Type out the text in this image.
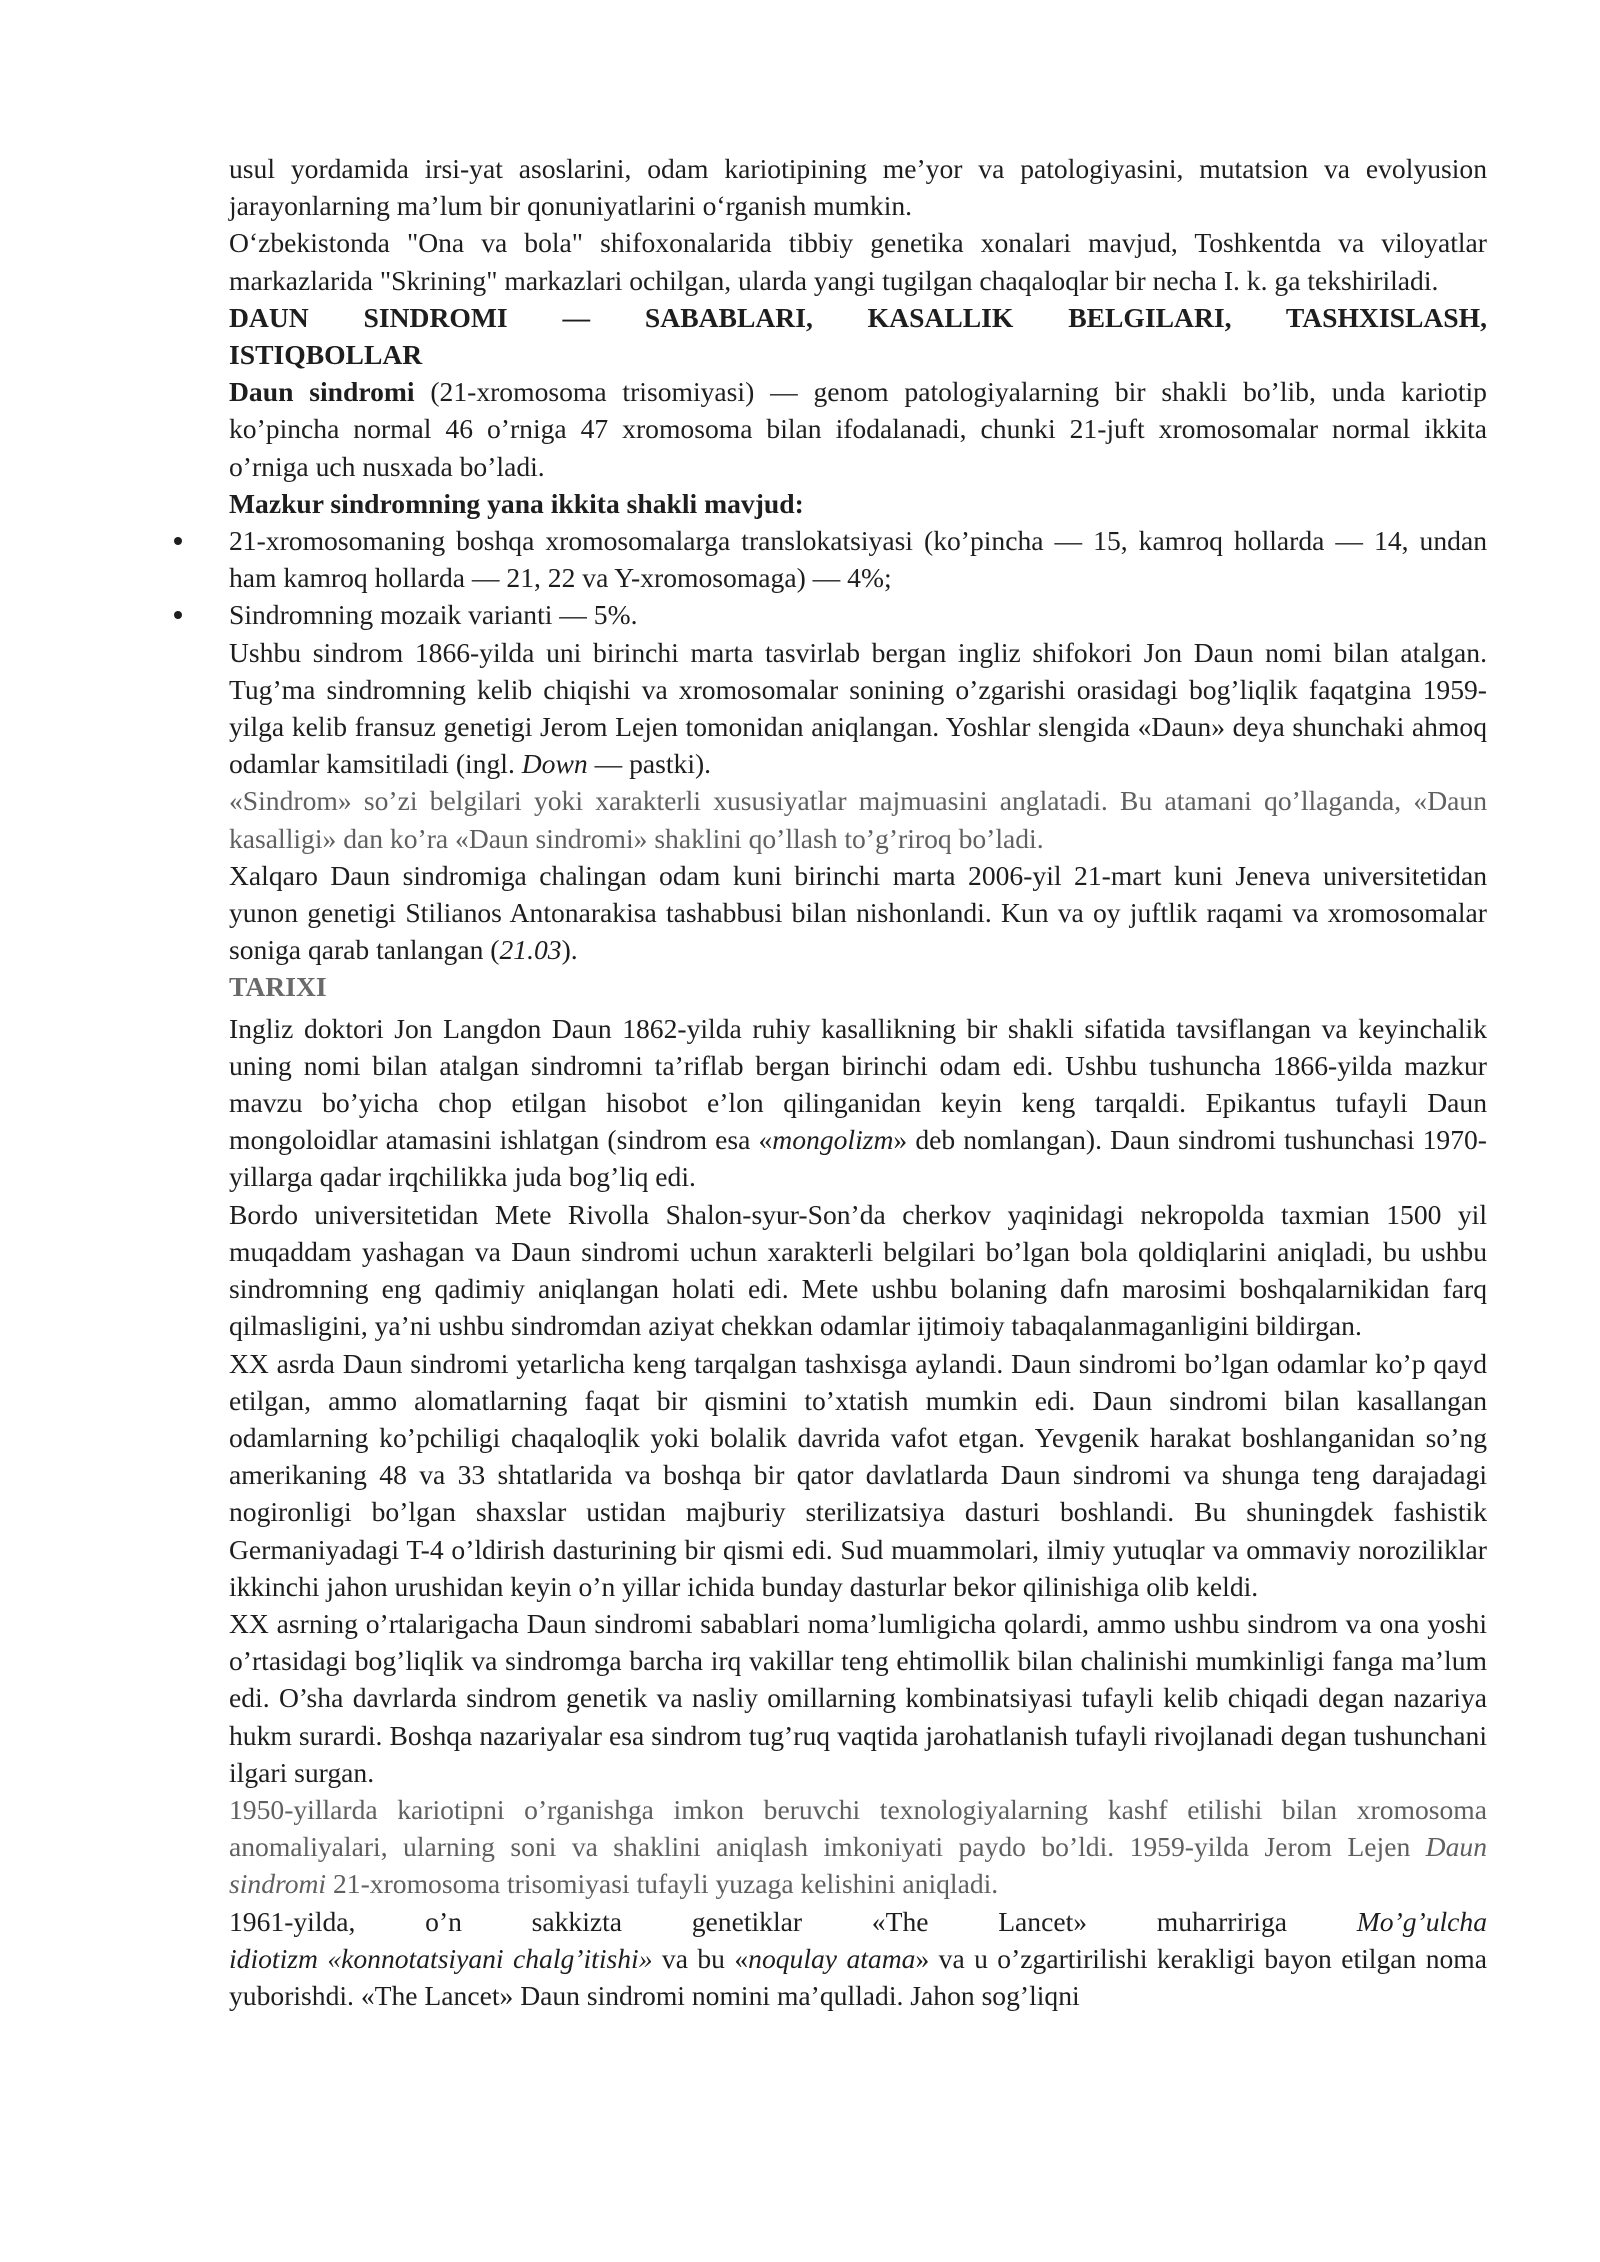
usul yordamida irsi-yat asoslarini, odam kariotipining me’yor va patologiyasini, mutatsion va evolyusion jarayonlarning ma’lum bir qonuniyatlarini o‘rganish mumkin.

O‘zbekistonda "Ona va bola" shifoxonalarida tibbiy genetika xonalari mavjud, Toshkentda va viloyatlar markazlarida "Skrining" markazlari ochilgan, ularda yangi tugilgan chaqaloqlar bir necha I. k. ga tekshiriladi.

DAUN SINDROMI — SABABLARI, KASALLIK BELGILARI, TASHXISLASH, ISTIQBOLLAR

Daun sindromi (21-xromosoma trisomiyasi) — genom patologiyalarning bir shakli bo’lib, unda kariotip ko’pincha normal 46 o’rniga 47 xromosoma bilan ifodalanadi, chunki 21-juft xromosomalar normal ikkita o’rniga uch nusxada bo’ladi.

Mazkur sindromning yana ikkita shakli mavjud:

21-xromosomaning boshqa xromosomalarga translokatsiyasi (ko’pincha — 15, kamroq hollarda — 14, undan ham kamroq hollarda — 21, 22 va Y-xromosomaga) — 4%;
Sindromning mozaik varianti — 5%.

Ushbu sindrom 1866-yilda uni birinchi marta tasvirlab bergan ingliz shifokori Jon Daun nomi bilan atalgan. Tug’ma sindromning kelib chiqishi va xromosomalar sonining o’zgarishi orasidagi bog’liqlik faqatgina 1959-yilga kelib fransuz genetigi Jerom Lejen tomonidan aniqlangan. Yoshlar slengida «Daun» deya shunchaki ahmoq odamlar kamsitiladi (ingl. Down — pastki).

«Sindrom» so’zi belgilari yoki xarakterli xususiyatlar majmuasini anglatadi. Bu atamani qo’llaganda, «Daun kasalligi» dan ko’ra «Daun sindromi» shaklini qo’llash to’g’riroq bo’ladi.

Xalqaro Daun sindromiga chalingan odam kuni birinchi marta 2006-yil 21-mart kuni Jeneva universitetidan yunon genetigi Stilianos Antonarakisa tashabbusi bilan nishonlandi. Kun va oy juftlik raqami va xromosomalar soniga qarab tanlangan (21.03).

TARIXI

Ingliz doktori Jon Langdon Daun 1862-yilda ruhiy kasallikning bir shakli sifatida tavsiflangan va keyinchalik uning nomi bilan atalgan sindromni ta’riflab bergan birinchi odam edi. Ushbu tushuncha 1866-yilda mazkur mavzu bo’yicha chop etilgan hisobot e’lon qilinganidan keyin keng tarqaldi. Epikantus tufayli Daun mongoloidlar atamasini ishlatgan (sindrom esa «mongolizm» deb nomlangan). Daun sindromi tushunchasi 1970-yillarga qadar irqchilikka juda bog’liq edi.

Bordo universitetidan Mete Rivolla Shalon-syur-Son’da cherkov yaqinidagi nekropolda taxmian 1500 yil muqaddam yashagan va Daun sindromi uchun xarakterli belgilari bo’lgan bola qoldiqlarini aniqladi, bu ushbu sindromning eng qadimiy aniqlangan holati edi. Mete ushbu bolaning dafn marosimi boshqalarnikidan farq qilmasligini, ya’ni ushbu sindromdan aziyat chekkan odamlar ijtimoiy tabaqalanmaganligini bildirgan.

XX asrda Daun sindromi yetarlicha keng tarqalgan tashxisga aylandi. Daun sindromi bo’lgan odamlar ko’p qayd etilgan, ammo alomatlarning faqat bir qismini to’xtatish mumkin edi. Daun sindromi bilan kasallangan odamlarning ko’pchiligi chaqaloqlik yoki bolalik davrida vafot etgan. Yevgenik harakat boshlanganidan so’ng amerikaning 48 va 33 shtatlarida va boshqa bir qator davlatlarda Daun sindromi va shunga teng darajadagi nogironligi bo’lgan shaxslar ustidan majburiy sterilizatsiya dasturi boshlandi. Bu shuningdek fashistik Germaniyadagi T-4 o’ldirish dasturining bir qismi edi. Sud muammolari, ilmiy yutuqlar va ommaviy noroziliklar ikkinchi jahon urushidan keyin o’n yillar ichida bunday dasturlar bekor qilinishiga olib keldi.

XX asrning o’rtalarigacha Daun sindromi sabablari noma’lumligicha qolardi, ammo ushbu sindrom va ona yoshi o’rtasidagi bog’liqlik va sindromga barcha irq vakillar teng ehtimollik bilan chalinishi mumkinligi fanga ma’lum edi. O’sha davrlarda sindrom genetik va nasliy omillarning kombinatsiyasi tufayli kelib chiqadi degan nazariya hukm surardi. Boshqa nazariyalar esa sindrom tug’ruq vaqtida jarohatlanish tufayli rivojlanadi degan tushunchani ilgari surgan.

1950-yillarda kariotipni o’rganishga imkon beruvchi texnologiyalarning kashf etilishi bilan xromosoma anomaliyalari, ularning soni va shaklini aniqlash imkoniyati paydo bo’ldi. 1959-yilda Jerom Lejen Daun sindromi 21-xromosoma trisomiyasi tufayli yuzaga kelishini aniqladi.

1961-yilda, o’n sakkizta genetiklar «The Lancet» muharririga Mo’g’ulcha
idiotizm «konnotatsiyani chalg’itishi» va bu «noqulay atama» va u o’zgartirilishi kerakligi bayon etilgan noma yuborishdi. «The Lancet» Daun sindromi nomini ma’qulladi. Jahon sog’liqni
